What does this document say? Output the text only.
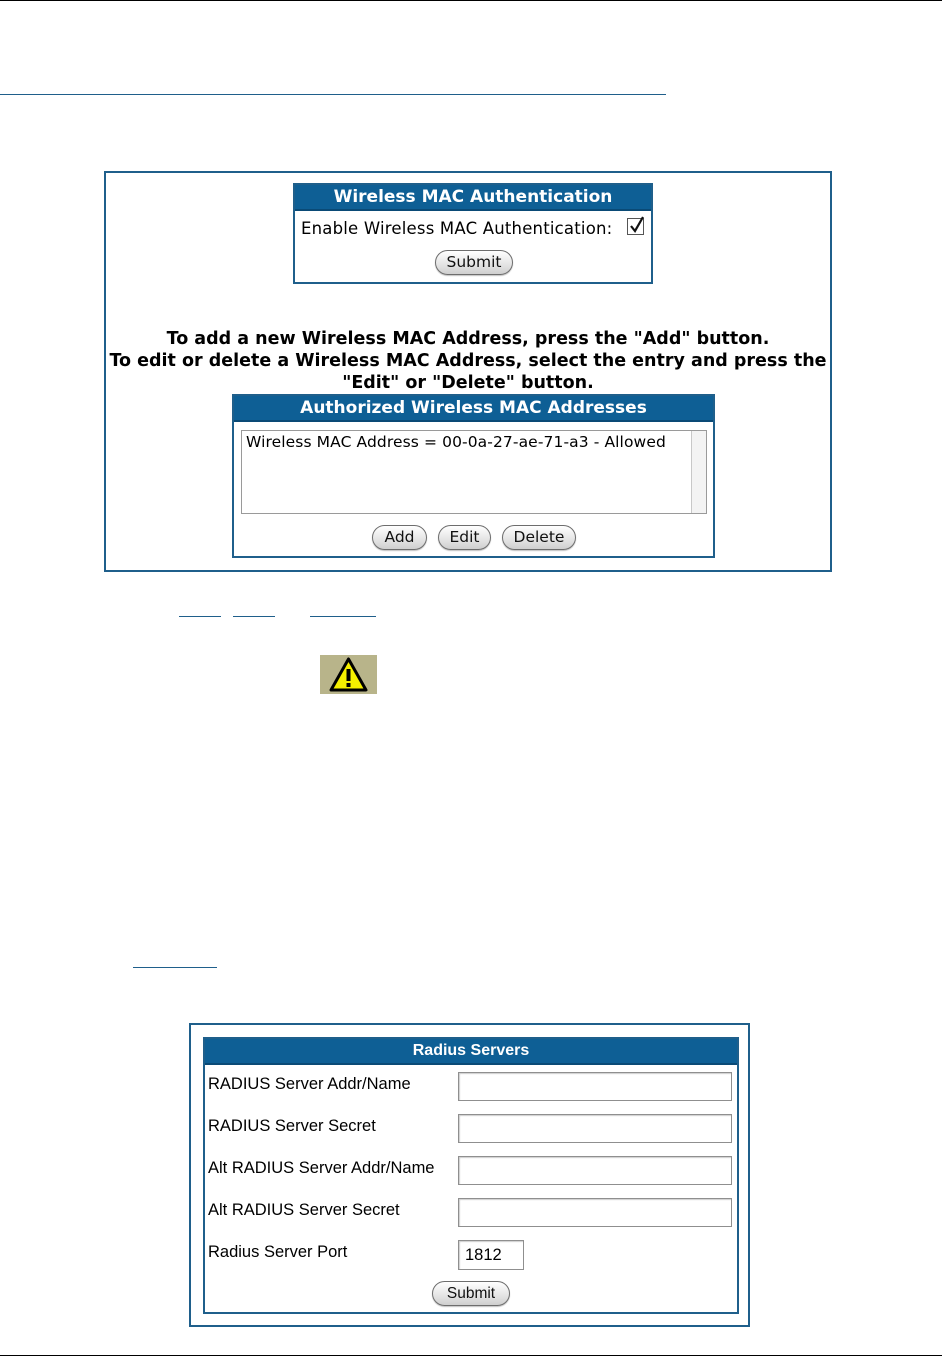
Wireless MAC Authentication
Enable Wireless MAC Authentication:
Submit
To add a new Wireless MAC Address, press the "Add" button.
To edit or delete a Wireless MAC Address, select the entry and press the
"Edit" or "Delete" button.
Authorized Wireless MAC Addresses
Wireless MAC Address = 00-0a-27-ae-71-a3 - Allowed
Add	Edit	Delete
Radius Servers
RADIUS Server Addr/Name
RADIUS Server Secret
Alt RADIUS Server Addr/Name
Alt RADIUS Server Secret
Radius Server Port	1812
Submit
